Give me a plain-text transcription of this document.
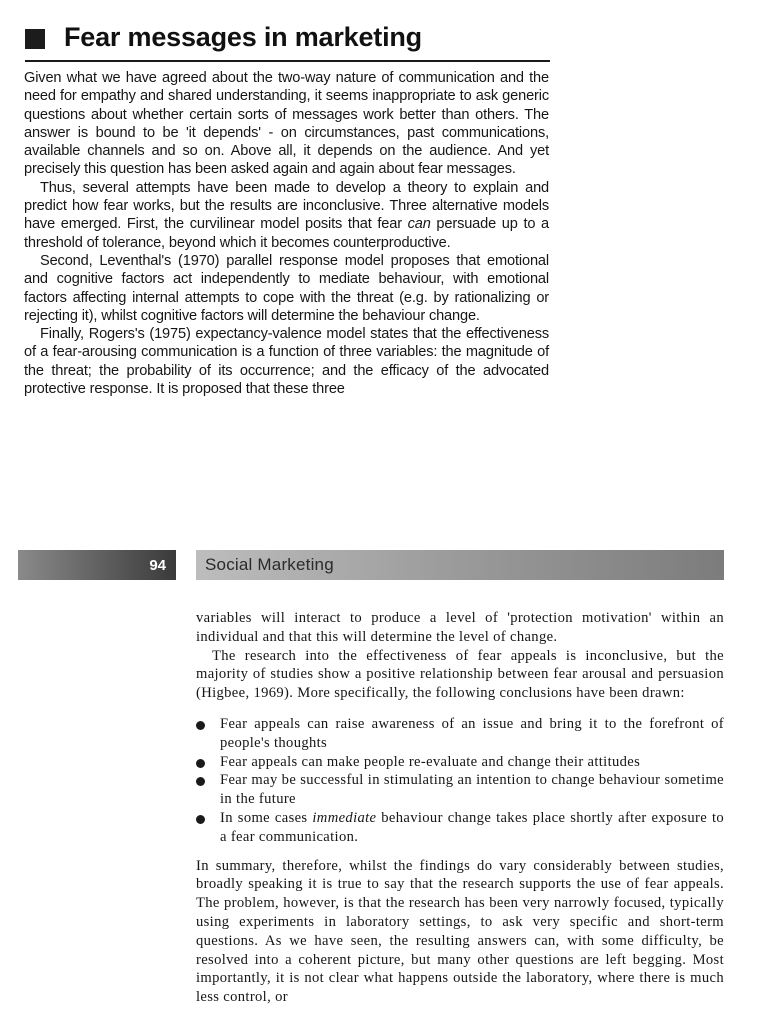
Fear messages in marketing

Given what we have agreed about the two-way nature of communication and the need for empathy and shared understanding, it seems inappropriate to ask generic questions about whether certain sorts of messages work better than others. The answer is bound to be 'it depends' - on circumstances, past communications, available channels and so on. Above all, it depends on the audience. And yet precisely this question has been asked again and again about fear messages.

Thus, several attempts have been made to develop a theory to explain and predict how fear works, but the results are inconclusive. Three alternative models have emerged. First, the curvilinear model posits that fear can persuade up to a threshold of tolerance, beyond which it becomes counterproductive.

Second, Leventhal's (1970) parallel response model proposes that emotional and cognitive factors act independently to mediate behaviour, with emotional factors affecting internal attempts to cope with the threat (e.g. by rationalizing or rejecting it), whilst cognitive factors will determine the behaviour change.

Finally, Rogers's (1975) expectancy-valence model states that the effectiveness of a fear-arousing communication is a function of three variables: the magnitude of the threat; the probability of its occurrence; and the efficacy of the advocated protective response. It is proposed that these three

94 Social Marketing

variables will interact to produce a level of 'protection motivation' within an individual and that this will determine the level of change.

The research into the effectiveness of fear appeals is inconclusive, but the majority of studies show a positive relationship between fear arousal and persuasion (Higbee, 1969). More specifically, the following conclusions have been drawn:

Fear appeals can raise awareness of an issue and bring it to the forefront of people's thoughts
Fear appeals can make people re-evaluate and change their attitudes
Fear may be successful in stimulating an intention to change behaviour sometime in the future
In some cases immediate behaviour change takes place shortly after exposure to a fear communication.

In summary, therefore, whilst the findings do vary considerably between studies, broadly speaking it is true to say that the research supports the use of fear appeals. The problem, however, is that the research has been very narrowly focused, typically using experiments in laboratory settings, to ask very specific and short-term questions. As we have seen, the resulting answers can, with some difficulty, be resolved into a coherent picture, but many other questions are left begging. Most importantly, it is not clear what happens outside the laboratory, where there is much less control, or
